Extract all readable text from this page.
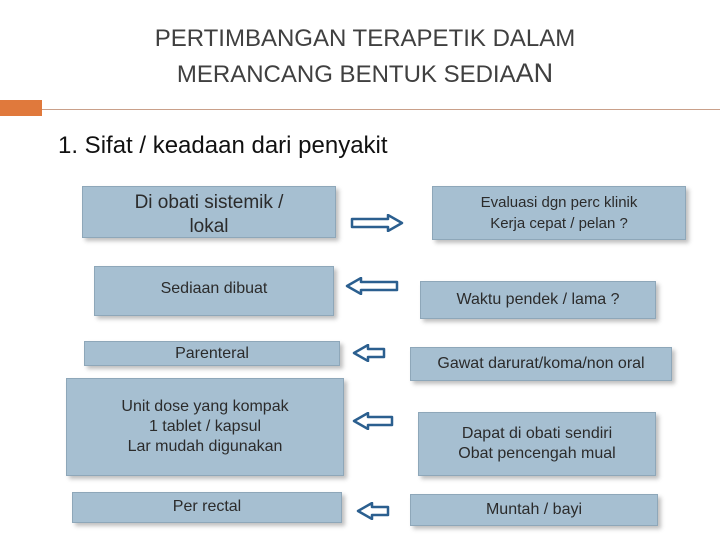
PERTIMBANGAN TERAPETIK DALAM
MERANCANG BENTUK SEDIAAN
1. Sifat / keadaan dari penyakit
Di obati sistemik /
lokal
Evaluasi dgn perc klinik
Kerja cepat / pelan ?
Sediaan dibuat
Waktu pendek / lama ?
Parenteral
Gawat darurat/koma/non oral
Unit dose yang kompak
1 tablet / kapsul
Lar mudah digunakan
Dapat di obati sendiri
Obat pencengah mual
Per rectal	Muntah / bayi
